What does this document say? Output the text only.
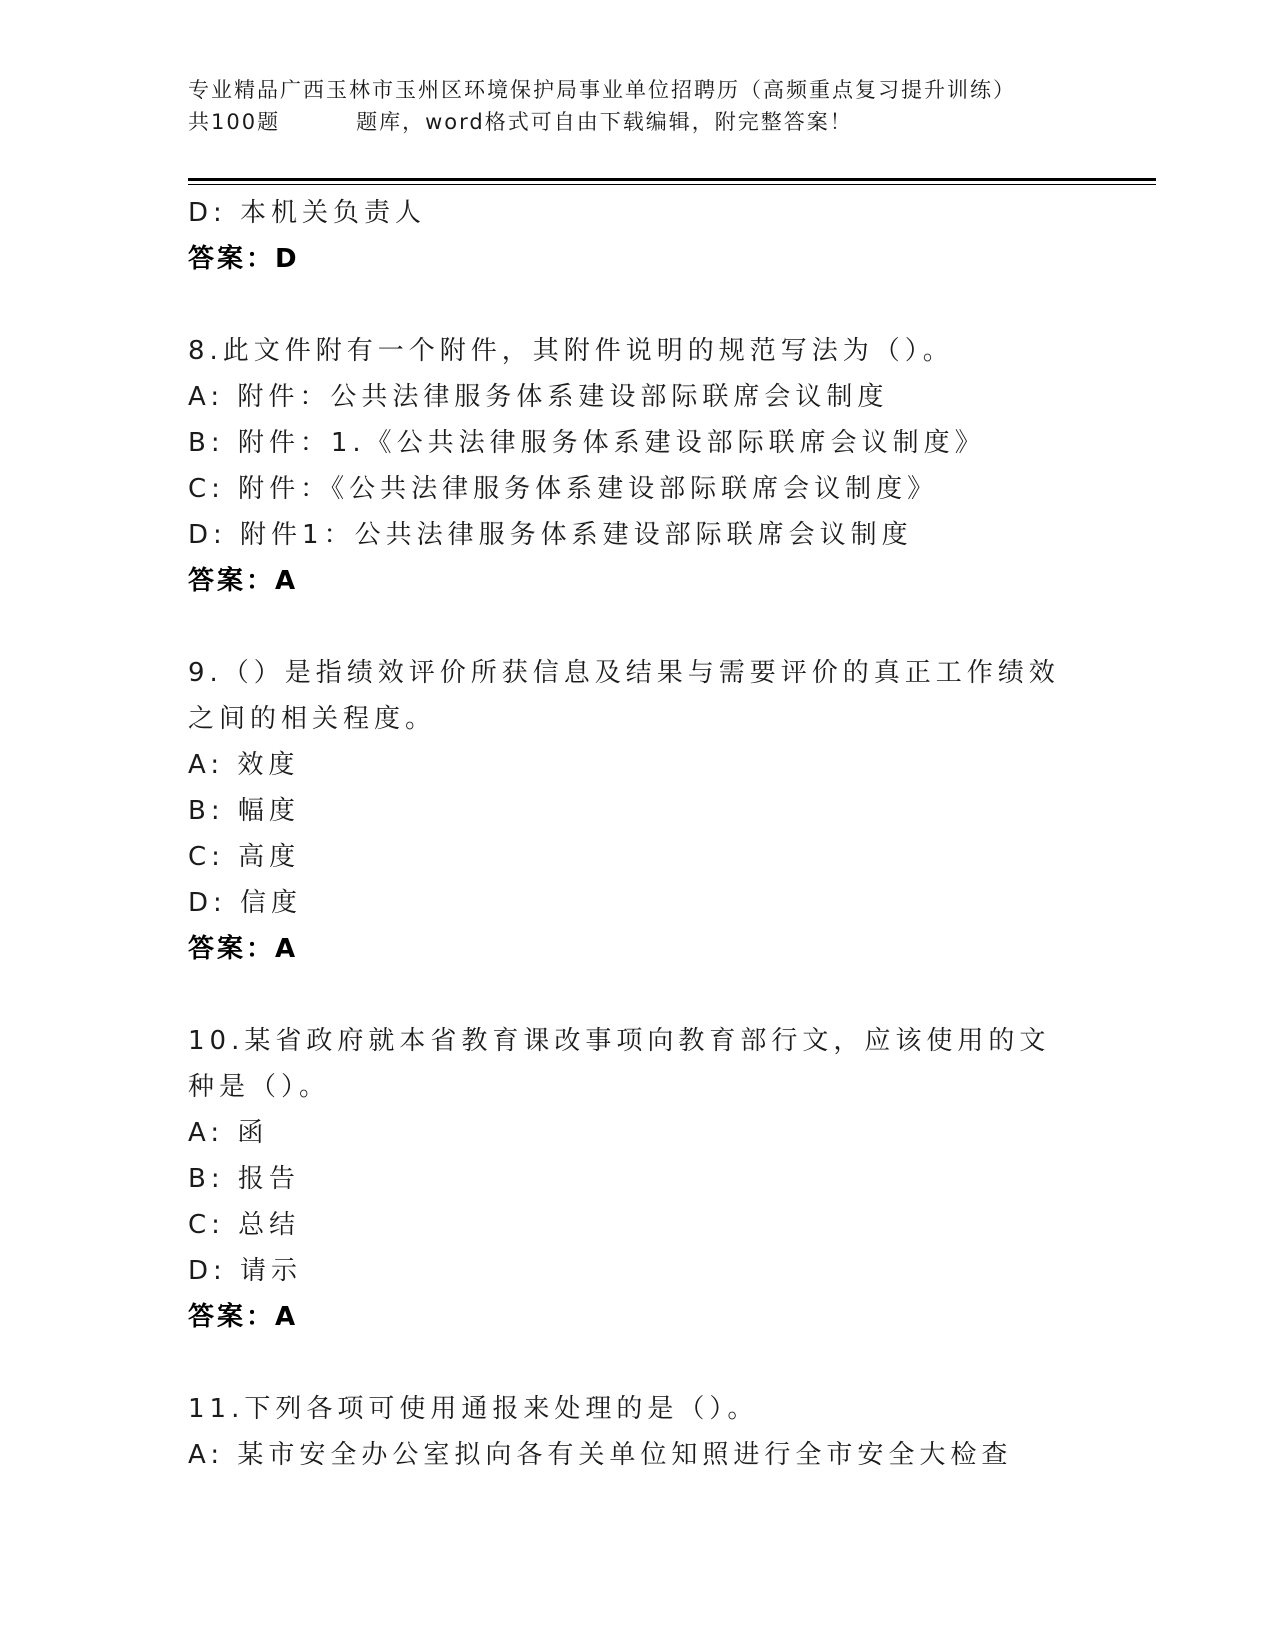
专业精品广西玉林市玉州区环境保护局事业单位招聘历（高频重点复习提升训练）
共100题	题库，word格式可自由下载编辑，附完整答案！
D: 本机关负责人
答案：D
8.此文件附有一个附件，其附件说明的规范写法为（）。
A: 附件：公共法律服务体系建设部际联席会议制度
B: 附件：1.《公共法律服务体系建设部际联席会议制度》
C: 附件：《公共法律服务体系建设部际联席会议制度》
D: 附件1：公共法律服务体系建设部际联席会议制度
答案：A
9.（）是指绩效评价所获信息及结果与需要评价的真正工作绩效之间的相关程度。
A: 效度
B: 幅度
C: 高度
D: 信度
答案：A
10.某省政府就本省教育课改事项向教育部行文，应该使用的文种是（）。
A: 函
B: 报告
C: 总结
D: 请示
答案：A
11.下列各项可使用通报来处理的是（）。
A: 某市安全办公室拟向各有关单位知照进行全市安全大检查
